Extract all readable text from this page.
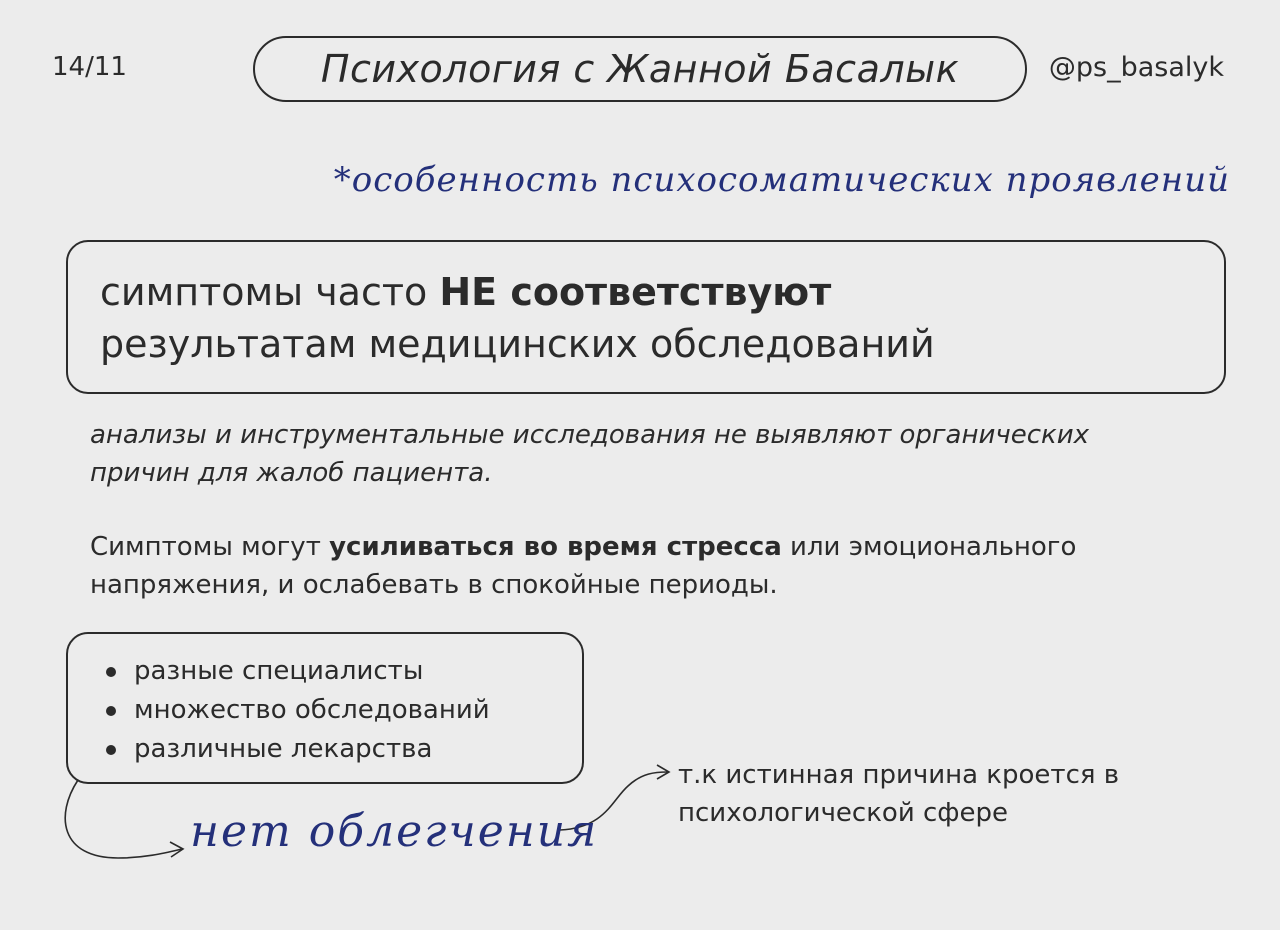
14/11	Психология с Жанной Басалык	@ps_basalyk
*особенность психосоматических проявлений
симптомы часто НЕ соответствуют
результатам медицинских обследований
анализы и инструментальные исследования не выявляют органических причин для жалоб пациента.
Симптомы могут усиливаться во время стресса или эмоционального напряжения, и ослабевать в спокойные периоды.
разные специалисты
множество обследований
различные лекарства
нет облегчения
т.к истинная причина кроется в
психологической сфере
